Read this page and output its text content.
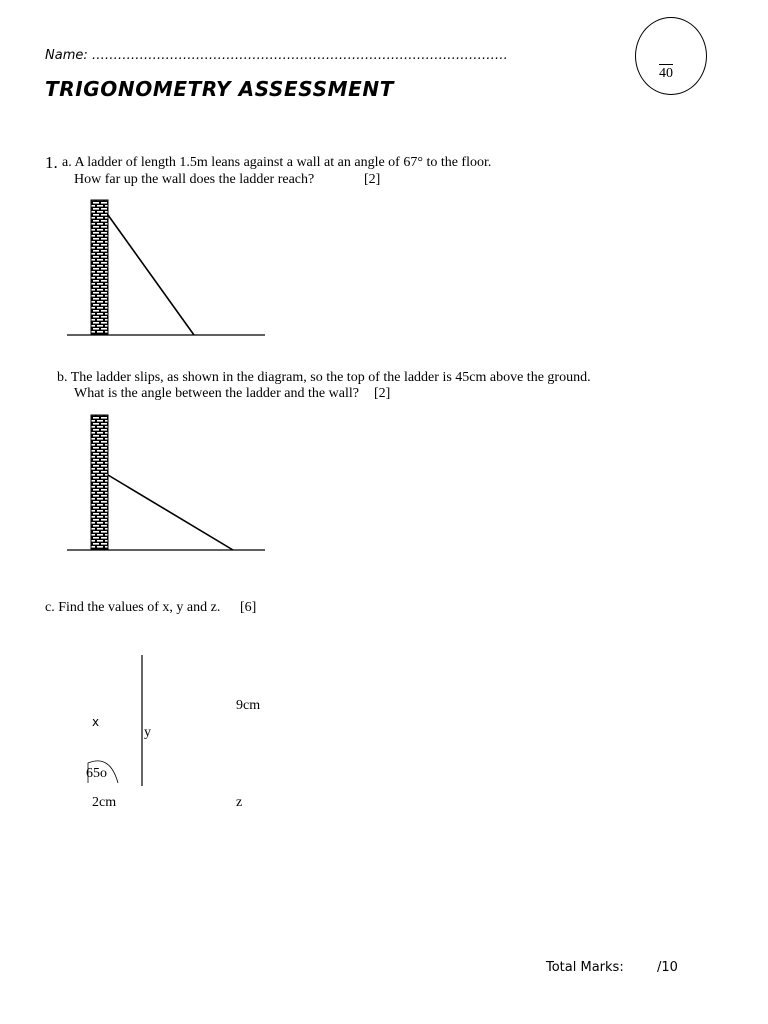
Name: ……………………………………………………………………………………
TRIGONOMETRY ASSESSMENT
40
1. a. A ladder of length 1.5m leans against a wall at an angle of 67° to the floor.
How far up the wall does the ladder reach?	[2]
b. The ladder slips, as shown in the diagram, so the top of the ladder is 45cm above the ground.
What is the angle between the ladder and the wall? [2]
c. Find the values of x, y and z. [6]
9cm
x
y
65o
2cm	z
Total Marks:	/10
